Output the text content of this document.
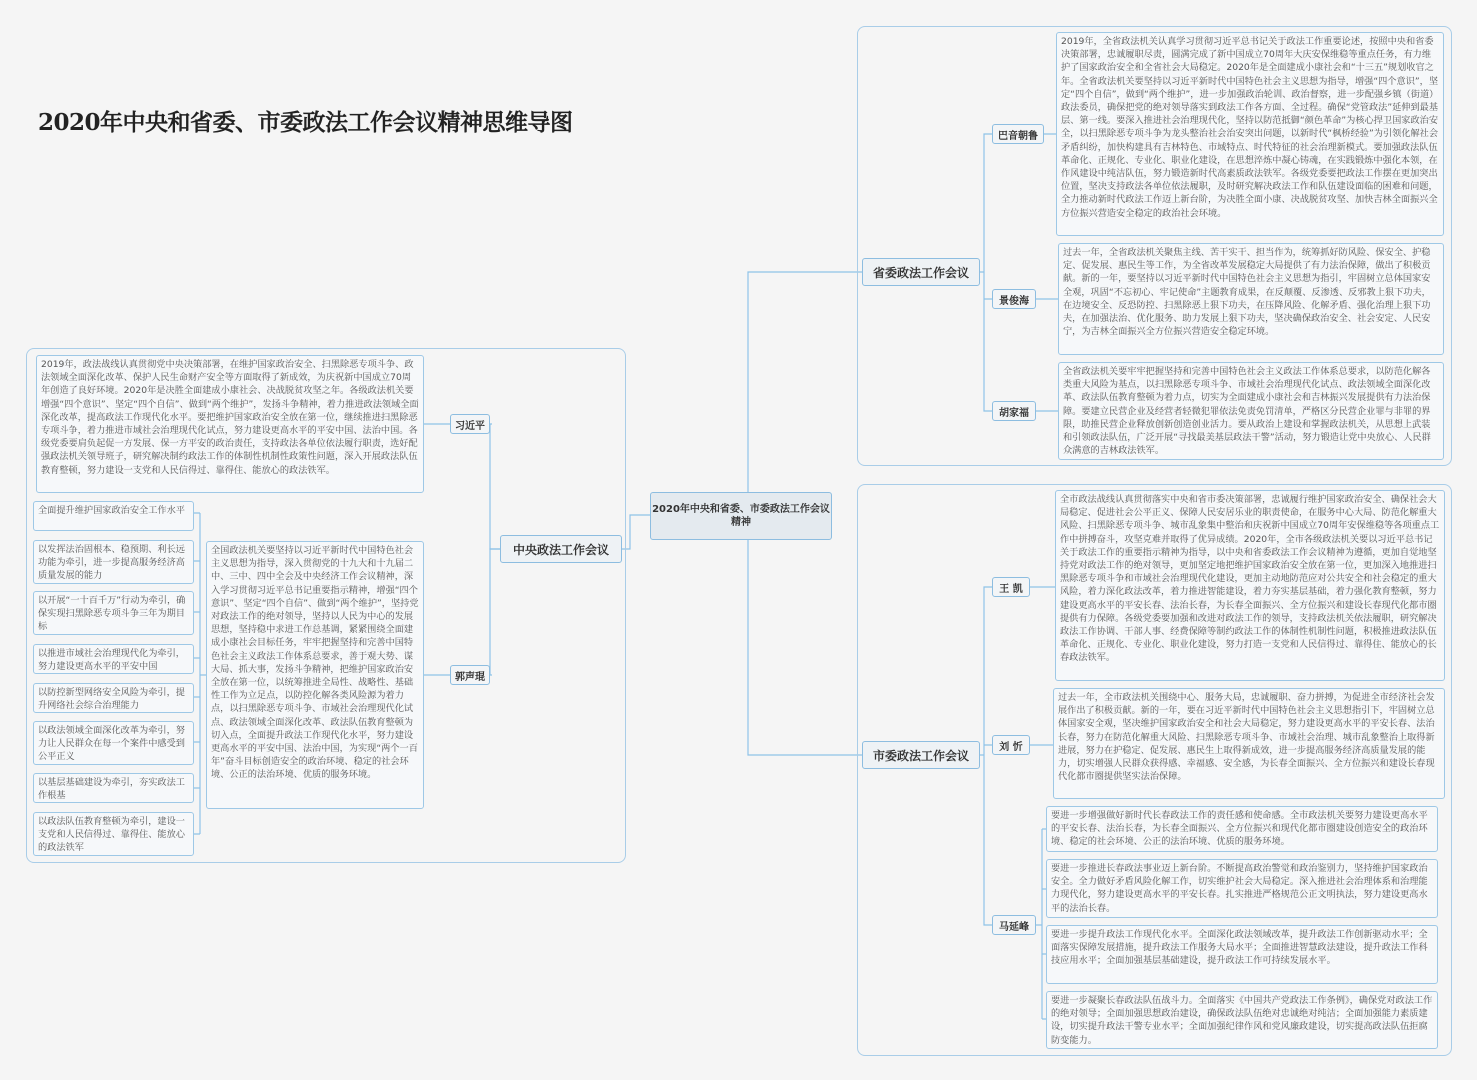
2020年中央和省委、市委政法工作会议精神思维导图
2020年中央和省委、市委政法工作会议精神
中央政法工作会议
习近平
郭声琨
2019年，政法战线认真贯彻党中央决策部署，在维护国家政治安全、扫黑除恶专项斗争、政法领域全面深化改革、保护人民生命财产安全等方面取得了新成效，为庆祝新中国成立70周年创造了良好环境。2020年是决胜全面建成小康社会、决战脱贫攻坚之年。各级政法机关要增强“四个意识”、坚定“四个自信”、做到“两个维护”，发扬斗争精神，着力推进政法领域全面深化改革，提高政法工作现代化水平。要把维护国家政治安全放在第一位，继续推进扫黑除恶专项斗争，着力推进市域社会治理现代化试点，努力建设更高水平的平安中国、法治中国。各级党委要肩负起促一方发展、保一方平安的政治责任，支持政法各单位依法履行职责，选好配强政法机关领导班子，研究解决制约政法工作的体制性机制性政策性问题，深入开展政法队伍教育整顿，努力建设一支党和人民信得过、靠得住、能放心的政法铁军。
全国政法机关要坚持以习近平新时代中国特色社会主义思想为指导，深入贯彻党的十九大和十九届二中、三中、四中全会及中央经济工作会议精神，深入学习贯彻习近平总书记重要指示精神，增强“四个意识”、坚定“四个自信”、做到“两个维护”，坚持党对政法工作的绝对领导，坚持以人民为中心的发展思想，坚持稳中求进工作总基调，紧紧围绕全面建成小康社会目标任务，牢牢把握坚持和完善中国特色社会主义政法工作体系总要求，善于观大势、谋大局、抓大事，发扬斗争精神，把维护国家政治安全放在第一位，以统筹推进全局性、战略性、基础性工作为立足点，以防控化解各类风险源为着力点，以扫黑除恶专项斗争、市域社会治理现代化试点、政法领域全面深化改革、政法队伍教育整顿为切入点，全面提升政法工作现代化水平，努力建设更高水平的平安中国、法治中国，为实现“两个一百年”奋斗目标创造安全的政治环境、稳定的社会环境、公正的法治环境、优质的服务环境。
全面提升维护国家政治安全工作水平
以发挥法治固根本、稳预期、利长远功能为牵引，进一步提高服务经济高质量发展的能力
以开展“一十百千万”行动为牵引，确保实现扫黑除恶专项斗争三年为期目标
以推进市域社会治理现代化为牵引，努力建设更高水平的平安中国
以防控新型网络安全风险为牵引，提升网络社会综合治理能力
以政法领域全面深化改革为牵引，努力让人民群众在每一个案件中感受到公平正义
以基层基础建设为牵引，夯实政法工作根基
以政法队伍教育整顿为牵引，建设一支党和人民信得过、靠得住、能放心的政法铁军
省委政法工作会议
巴音朝鲁
景俊海
胡家福
2019年，全省政法机关认真学习贯彻习近平总书记关于政法工作重要论述，按照中央和省委决策部署，忠诚履职尽责，圆满完成了新中国成立70周年大庆安保维稳等重点任务，有力维护了国家政治安全和全省社会大局稳定。2020年是全面建成小康社会和“十三五”规划收官之年。全省政法机关要坚持以习近平新时代中国特色社会主义思想为指导，增强“四个意识”，坚定“四个自信”，做到“两个维护”，进一步加强政治轮训、政治督察，进一步配强乡镇（街道）政法委员，确保把党的绝对领导落实到政法工作各方面、全过程。确保“党管政法”延伸到最基层、第一线。要深入推进社会治理现代化，坚持以防范抵御“颜色革命”为核心捍卫国家政治安全，以扫黑除恶专项斗争为龙头整治社会治安突出问题，以新时代“枫桥经验”为引领化解社会矛盾纠纷，加快构建具有吉林特色、市域特点、时代特征的社会治理新模式。要加强政法队伍革命化、正规化、专业化、职业化建设，在思想淬炼中凝心铸魂，在实践锻炼中强化本领，在作风建设中纯洁队伍，努力锻造新时代高素质政法铁军。各级党委要把政法工作摆在更加突出位置，坚决支持政法各单位依法履职，及时研究解决政法工作和队伍建设面临的困难和问题，全力推动新时代政法工作迈上新台阶，为决胜全面小康、决战脱贫攻坚、加快吉林全面振兴全方位振兴营造安全稳定的政治社会环境。
过去一年，全省政法机关聚焦主线、苦干实干、担当作为，统筹抓好防风险、保安全、护稳定、促发展、惠民生等工作，为全省改革发展稳定大局提供了有力法治保障，做出了积极贡献。新的一年，要坚持以习近平新时代中国特色社会主义思想为指引，牢固树立总体国家安全观，巩固“不忘初心、牢记使命”主题教育成果，在反颠覆、反渗透、反邪教上狠下功夫，在边境安全、反恐防控、扫黑除恶上狠下功夫，在压降风险、化解矛盾、强化治理上狠下功夫，在加强法治、优化服务、助力发展上狠下功夫，坚决确保政治安全、社会安定、人民安宁，为吉林全面振兴全方位振兴营造安全稳定环境。
全省政法机关要牢牢把握坚持和完善中国特色社会主义政法工作体系总要求，以防范化解各类重大风险为基点，以扫黑除恶专项斗争、市域社会治理现代化试点、政法领域全面深化改革、政法队伍教育整顿为着力点，切实为全面建成小康社会和吉林振兴发展提供有力法治保障。要建立民营企业及经营者轻微犯罪依法免责免罚清单，严格区分民营企业罪与非罪的界限，助推民营企业释放创新创造创业活力。要从政治上建设和掌握政法机关，从思想上武装和引领政法队伍，广泛开展“寻找最美基层政法干警”活动，努力锻造让党中央放心、人民群众满意的吉林政法铁军。
市委政法工作会议
王 凯
刘 忻
马延峰
全市政法战线认真贯彻落实中央和省市委决策部署，忠诚履行维护国家政治安全、确保社会大局稳定、促进社会公平正义、保障人民安居乐业的职责使命，在服务中心大局、防范化解重大风险、扫黑除恶专项斗争、城市乱象集中整治和庆祝新中国成立70周年安保维稳等各项重点工作中拼搏奋斗，攻坚克难并取得了优异成绩。2020年，全市各级政法机关要以习近平总书记关于政法工作的重要指示精神为指导，以中央和省委政法工作会议精神为遵循，更加自觉地坚持党对政法工作的绝对领导，更加坚定地把维护国家政治安全放在第一位，更加深入地推进扫黑除恶专项斗争和市域社会治理现代化建设，更加主动地防范应对公共安全和社会稳定的重大风险，着力深化政法改革，着力推进智能建设，着力夯实基层基础，着力强化教育整顿，努力建设更高水平的平安长春、法治长春，为长春全面振兴、全方位振兴和建设长春现代化都市圈提供有力保障。各级党委要加强和改进对政法工作的领导，支持政法机关依法履职，研究解决政法工作协调、干部人事、经费保障等制约政法工作的体制性机制性问题，积极推进政法队伍革命化、正规化、专业化、职业化建设，努力打造一支党和人民信得过、靠得住、能放心的长春政法铁军。
过去一年，全市政法机关围绕中心、服务大局，忠诚履职、奋力拼搏，为促进全市经济社会发展作出了积极贡献。新的一年，要在习近平新时代中国特色社会主义思想指引下，牢固树立总体国家安全观，坚决维护国家政治安全和社会大局稳定，努力建设更高水平的平安长春、法治长春，努力在防范化解重大风险、扫黑除恶专项斗争、市域社会治理、城市乱象整治上取得新进展，努力在护稳定、促发展、惠民生上取得新成效，进一步提高服务经济高质量发展的能力，切实增强人民群众获得感、幸福感、安全感，为长春全面振兴、全方位振兴和建设长春现代化都市圈提供坚实法治保障。
要进一步增强做好新时代长春政法工作的责任感和使命感。全市政法机关要努力建设更高水平的平安长春、法治长春，为长春全面振兴、全方位振兴和现代化都市圈建设创造安全的政治环境、稳定的社会环境、公正的法治环境、优质的服务环境。
要进一步推进长春政法事业迈上新台阶。不断提高政治警觉和政治鉴别力，坚持维护国家政治安全。全力做好矛盾风险化解工作，切实维护社会大局稳定。深入推进社会治理体系和治理能力现代化，努力建设更高水平的平安长春。扎实推进严格规范公正文明执法，努力建设更高水平的法治长春。
要进一步提升政法工作现代化水平。全面深化政法领域改革，提升政法工作创新驱动水平；全面落实保障发展措施，提升政法工作服务大局水平；全面推进智慧政法建设，提升政法工作科技应用水平；全面加强基层基础建设，提升政法工作可持续发展水平。
要进一步凝聚长春政法队伍战斗力。全面落实《中国共产党政法工作条例》，确保党对政法工作的绝对领导；全面加强思想政治建设，确保政法队伍绝对忠诚绝对纯洁；全面加强能力素质建设，切实提升政法干警专业水平；全面加强纪律作风和党风廉政建设，切实提高政法队伍拒腐防变能力。
